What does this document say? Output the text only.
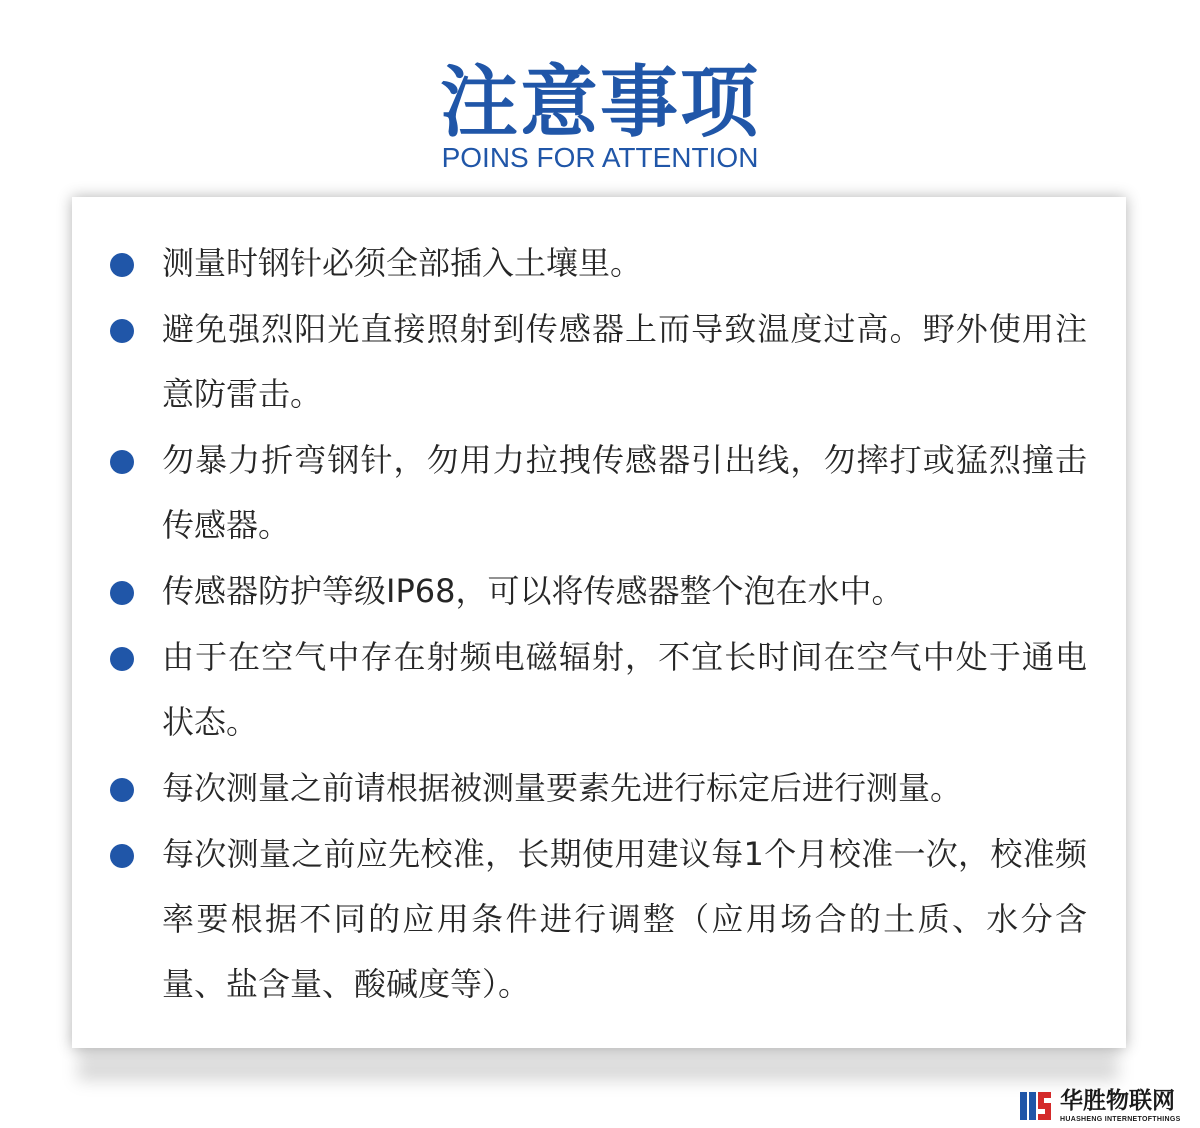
注意事项
POINS FOR ATTENTION
测量时钢针必须全部插入土壤里。
避免强烈阳光直接照射到传感器上而导致温度过高。野外使用注意防雷击。
勿暴力折弯钢针，勿用力拉拽传感器引出线，勿摔打或猛烈撞击传感器。
传感器防护等级IP68，可以将传感器整个泡在水中。
由于在空气中存在射频电磁辐射，不宜长时间在空气中处于通电状态。
每次测量之前请根据被测量要素先进行标定后进行测量。
每次测量之前应先校准，长期使用建议每1个月校准一次，校准频率要根据不同的应用条件进行调整（应用场合的土质、水分含量、盐含量、酸碱度等）。
华胜物联网
HUASHENG INTERNETOFTHINGS
